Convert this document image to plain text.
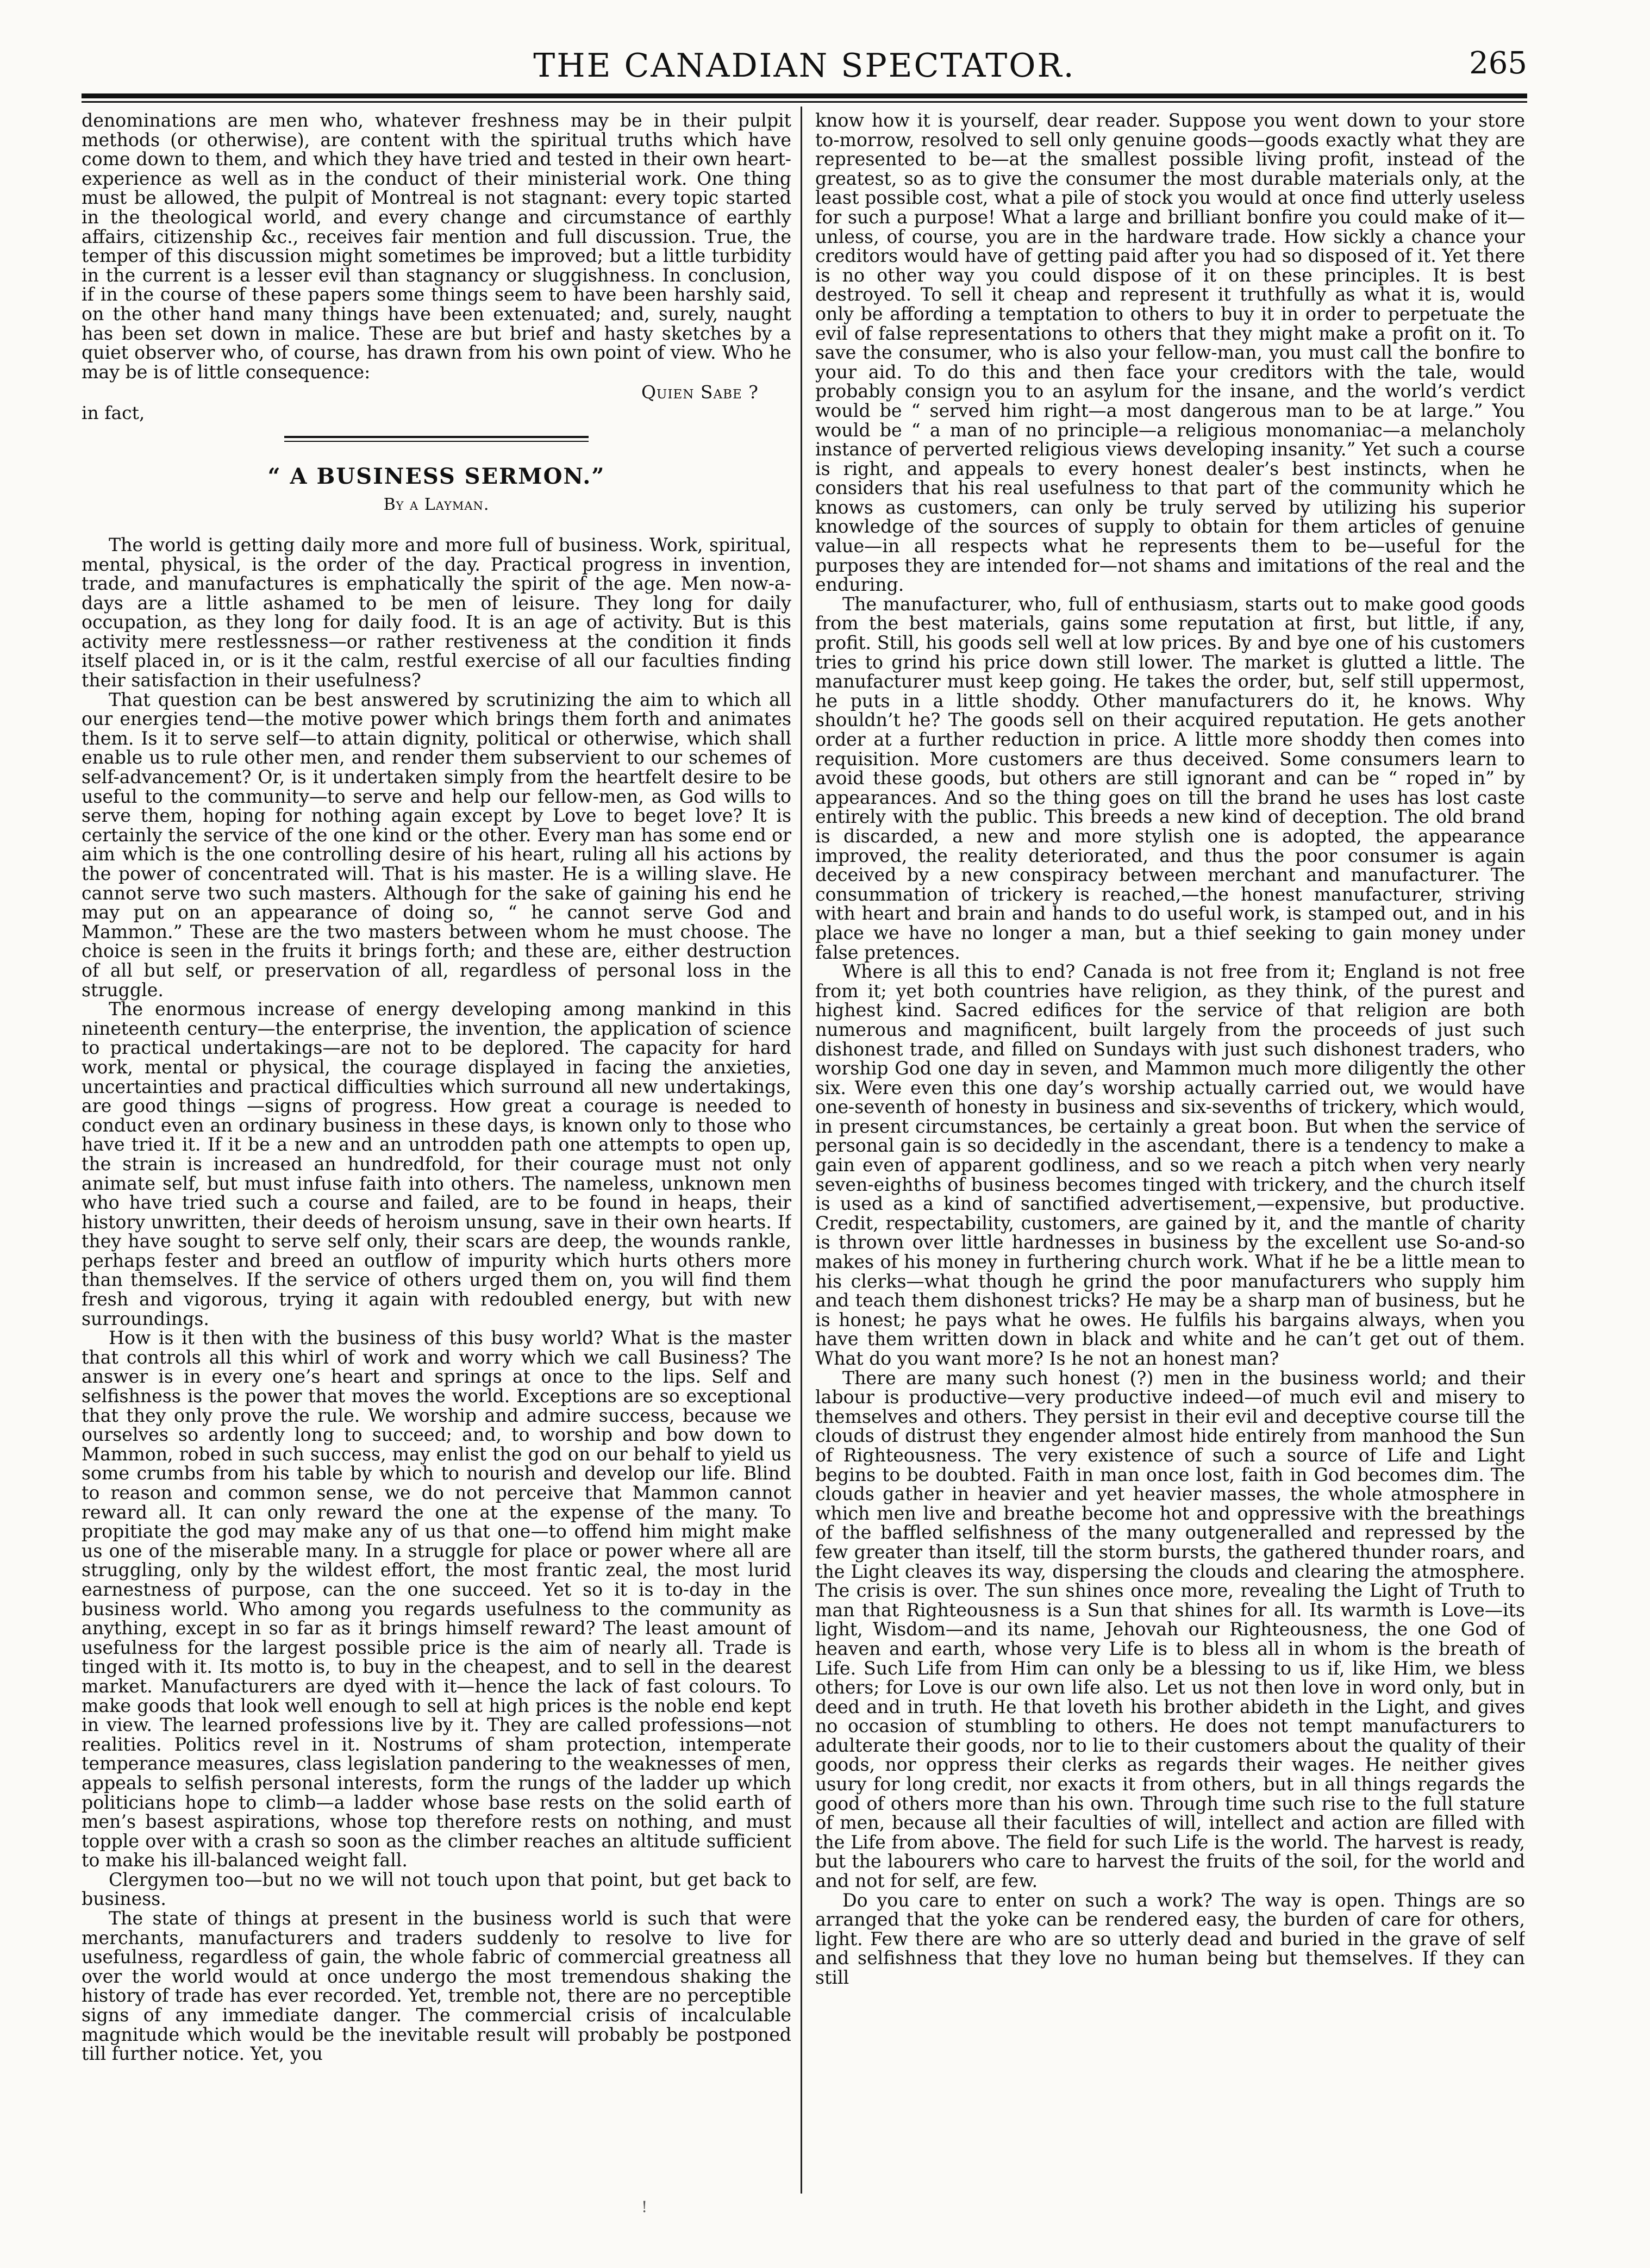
THE CANADIAN SPECTATOR.	265

denominations are men who, whatever freshness may be in their pulpit methods (or otherwise), are content with the spiritual truths which have come down to them, and which they have tried and tested in their own heart-experience as well as in the conduct of their ministerial work. One thing must be allowed, the pulpit of Montreal is not stagnant: every topic started in the theological world, and every change and circumstance of earthly affairs, citizenship &c., receives fair mention and full discussion. True, the temper of this discussion might sometimes be improved; but a little turbidity in the current is a lesser evil than stagnancy or sluggishness. In conclusion, if in the course of these papers some things seem to have been harshly said, on the other hand many things have been extenuated; and, surely, naught has been set down in malice. These are but brief and hasty sketches by a quiet observer who, of course, has drawn from his own point of view. Who he may be is of little consequence:

Quien Sabe ?
in fact,
“ A BUSINESS SERMON.”
By a Layman.

The world is getting daily more and more full of business. Work, spiritual, mental, physical, is the order of the day. Practical progress in invention, trade, and manufactures is emphatically the spirit of the age. Men now-a-days are a little ashamed to be men of leisure. They long for daily occupation, as they long for daily food. It is an age of activity. But is this activity mere restlessness—or rather restiveness at the condition it finds itself placed in, or is it the calm, restful exercise of all our faculties finding their satisfaction in their usefulness?

That question can be best answered by scrutinizing the aim to which all our energies tend—the motive power which brings them forth and animates them. Is it to serve self—to attain dignity, political or otherwise, which shall enable us to rule other men, and render them subservient to our schemes of self-advancement? Or, is it undertaken simply from the heartfelt desire to be useful to the community—to serve and help our fellow-men, as God wills to serve them, hoping for nothing again except by Love to beget love? It is certainly the service of the one kind or the other. Every man has some end or aim which is the one controlling desire of his heart, ruling all his actions by the power of concentrated will. That is his master. He is a willing slave. He cannot serve two such masters. Although for the sake of gaining his end he may put on an appearance of doing so, “ he cannot serve God and Mammon.” These are the two masters between whom he must choose. The choice is seen in the fruits it brings forth; and these are, either destruction of all but self, or preservation of all, regardless of personal loss in the struggle.

The enormous increase of energy developing among mankind in this nineteenth century—the enterprise, the invention, the application of science to practical undertakings—are not to be deplored. The capacity for hard work, mental or physical, the courage displayed in facing the anxieties, uncertainties and practical difficulties which surround all new undertakings, are good things —signs of progress. How great a courage is needed to conduct even an ordinary business in these days, is known only to those who have tried it. If it be a new and an untrodden path one attempts to open up, the strain is increased an hundredfold, for their courage must not only animate self, but must infuse faith into others. The nameless, unknown men who have tried such a course and failed, are to be found in heaps, their history unwritten, their deeds of heroism unsung, save in their own hearts. If they have sought to serve self only, their scars are deep, the wounds rankle, perhaps fester and breed an outflow of impurity which hurts others more than themselves. If the service of others urged them on, you will find them fresh and vigorous, trying it again with redoubled energy, but with new surroundings.

How is it then with the business of this busy world? What is the master that controls all this whirl of work and worry which we call Business? The answer is in every one’s heart and springs at once to the lips. Self and selfishness is the power that moves the world. Exceptions are so exceptional that they only prove the rule. We worship and admire success, because we ourselves so ardently long to succeed; and, to worship and bow down to Mammon, robed in such success, may enlist the god on our behalf to yield us some crumbs from his table by which to nourish and develop our life. Blind to reason and common sense, we do not perceive that Mammon cannot reward all. It can only reward the one at the expense of the many. To propitiate the god may make any of us that one—to offend him might make us one of the miserable many. In a struggle for place or power where all are struggling, only by the wildest effort, the most frantic zeal, the most lurid earnestness of purpose, can the one succeed. Yet so it is to-day in the business world. Who among you regards usefulness to the community as anything, except in so far as it brings himself reward? The least amount of usefulness for the largest possible price is the aim of nearly all. Trade is tinged with it. Its motto is, to buy in the cheapest, and to sell in the dearest market. Manufacturers are dyed with it—hence the lack of fast colours. To make goods that look well enough to sell at high prices is the noble end kept in view. The learned professions live by it. They are called professions—not realities. Politics revel in it. Nostrums of sham protection, intemperate temperance measures, class legislation pandering to the weaknesses of men, appeals to selfish personal interests, form the rungs of the ladder up which politicians hope to climb—a ladder whose base rests on the solid earth of men’s basest aspirations, whose top therefore rests on nothing, and must topple over with a crash so soon as the climber reaches an altitude sufficient to make his ill-balanced weight fall.

Clergymen too—but no we will not touch upon that point, but get back to business.

The state of things at present in the business world is such that were merchants, manufacturers and traders suddenly to resolve to live for usefulness, regardless of gain, the whole fabric of commercial greatness all over the world would at once undergo the most tremendous shaking the history of trade has ever recorded. Yet, tremble not, there are no perceptible signs of any immediate danger. The commercial crisis of incalculable magnitude which would be the inevitable result will probably be postponed till further notice. Yet, you

know how it is yourself, dear reader. Suppose you went down to your store to-morrow, resolved to sell only genuine goods—goods exactly what they are represented to be—at the smallest possible living profit, instead of the greatest, so as to give the consumer the most durable materials only, at the least possible cost, what a pile of stock you would at once find utterly useless for such a purpose! What a large and brilliant bonfire you could make of it—unless, of course, you are in the hardware trade. How sickly a chance your creditors would have of getting paid after you had so disposed of it. Yet there is no other way you could dispose of it on these principles. It is best destroyed. To sell it cheap and represent it truthfully as what it is, would only be affording a temptation to others to buy it in order to perpetuate the evil of false representations to others that they might make a profit on it. To save the consumer, who is also your fellow-man, you must call the bonfire to your aid. To do this and then face your creditors with the tale, would probably consign you to an asylum for the insane, and the world’s verdict would be “ served him right—a most dangerous man to be at large.” You would be “ a man of no principle—a religious monomaniac—a melancholy instance of perverted religious views developing insanity.” Yet such a course is right, and appeals to every honest dealer’s best instincts, when he considers that his real usefulness to that part of the community which he knows as customers, can only be truly served by utilizing his superior knowledge of the sources of supply to obtain for them articles of genuine value—in all respects what he represents them to be—useful for the purposes they are intended for—not shams and imitations of the real and the enduring.

The manufacturer, who, full of enthusiasm, starts out to make good goods from the best materials, gains some reputation at first, but little, if any, profit. Still, his goods sell well at low prices. By and bye one of his customers tries to grind his price down still lower. The market is glutted a little. The manufacturer must keep going. He takes the order, but, self still uppermost, he puts in a little shoddy. Other manufacturers do it, he knows. Why shouldn’t he? The goods sell on their acquired reputation. He gets another order at a further reduction in price. A little more shoddy then comes into requisition. More customers are thus deceived. Some consumers learn to avoid these goods, but others are still ignorant and can be “ roped in” by appearances. And so the thing goes on till the brand he uses has lost caste entirely with the public. This breeds a new kind of deception. The old brand is discarded, a new and more stylish one is adopted, the appearance improved, the reality deteriorated, and thus the poor consumer is again deceived by a new conspiracy between merchant and manufacturer. The consummation of trickery is reached,—the honest manufacturer, striving with heart and brain and hands to do useful work, is stamped out, and in his place we have no longer a man, but a thief seeking to gain money under false pretences.

Where is all this to end? Canada is not free from it; England is not free from it; yet both countries have religion, as they think, of the purest and highest kind. Sacred edifices for the service of that religion are both numerous and magnificent, built largely from the proceeds of just such dishonest trade, and filled on Sundays with just such dishonest traders, who worship God one day in seven, and Mammon much more diligently the other six. Were even this one day’s worship actually carried out, we would have one-seventh of honesty in business and six-sevenths of trickery, which would, in present circumstances, be certainly a great boon. But when the service of personal gain is so decidedly in the ascendant, there is a tendency to make a gain even of apparent godliness, and so we reach a pitch when very nearly seven-eighths of business becomes tinged with trickery, and the church itself is used as a kind of sanctified advertisement,—expensive, but productive. Credit, respectability, customers, are gained by it, and the mantle of charity is thrown over little hardnesses in business by the excellent use So-and-so makes of his money in furthering church work. What if he be a little mean to his clerks—what though he grind the poor manufacturers who supply him and teach them dishonest tricks? He may be a sharp man of business, but he is honest; he pays what he owes. He fulfils his bargains always, when you have them written down in black and white and he can’t get out of them. What do you want more? Is he not an honest man?

There are many such honest (?) men in the business world; and their labour is productive—very productive indeed—of much evil and misery to themselves and others. They persist in their evil and deceptive course till the clouds of distrust they engender almost hide entirely from manhood the Sun of Righteousness. The very existence of such a source of Life and Light begins to be doubted. Faith in man once lost, faith in God becomes dim. The clouds gather in heavier and yet heavier masses, the whole atmosphere in which men live and breathe become hot and oppressive with the breathings of the baffled selfishness of the many outgeneralled and repressed by the few greater than itself, till the storm bursts, the gathered thunder roars, and the Light cleaves its way, dispersing the clouds and clearing the atmosphere. The crisis is over. The sun shines once more, revealing the Light of Truth to man that Righteousness is a Sun that shines for all. Its warmth is Love—its light, Wisdom—and its name, Jehovah our Righteousness, the one God of heaven and earth, whose very Life is to bless all in whom is the breath of Life. Such Life from Him can only be a blessing to us if, like Him, we bless others; for Love is our own life also. Let us not then love in word only, but in deed and in truth. He that loveth his brother abideth in the Light, and gives no occasion of stumbling to others. He does not tempt manufacturers to adulterate their goods, nor to lie to their customers about the quality of their goods, nor oppress their clerks as regards their wages. He neither gives usury for long credit, nor exacts it from others, but in all things regards the good of others more than his own. Through time such rise to the full stature of men, because all their faculties of will, intellect and action are filled with the Life from above. The field for such Life is the world. The harvest is ready, but the labourers who care to harvest the fruits of the soil, for the world and and not for self, are few.

Do you care to enter on such a work? The way is open. Things are so arranged that the yoke can be rendered easy, the burden of care for others, light. Few there are who are so utterly dead and buried in the grave of self and selfishness that they love no human being but themselves. If they can still

!
